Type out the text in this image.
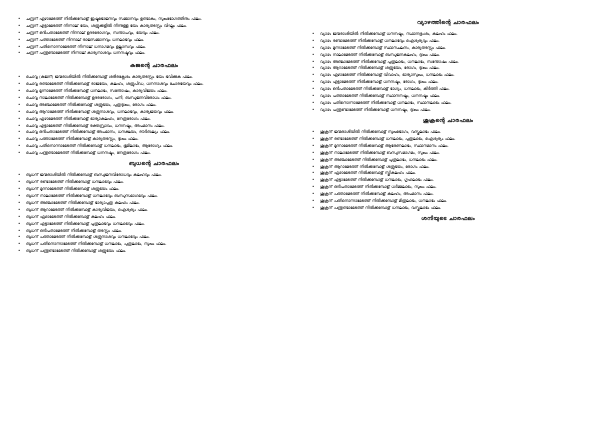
• ചന്ദ്രന് ഏഴാമേടത്ത് നിൽക്കമ്പോള് ഇഷ്ടഭോജനവും സമ്മാനവും ഉണ്ടാകും, സുഖഭോഗത്തിനും ഫലം.
• ചന്ദ്രന് എട്ടാമേടത്ത് നിന്നാല് ഭയം, ശത്രുക്കളിൽ നിന്നുള്ള ഭയം കാര്യതടസ്സം വിഘ്നം ഫലം.
• ചന്ദ്രന് ഒൻപതാമേടത്ത് നിന്നാല് ഉദരരോഗവും, സന്താപവും, ഭയവും ഫലം.
• ചന്ദ്രന് പത്താമേടത്ത് നിന്നാല് രാജസമ്മാനവും ധനലാഭവും ഫലം.
• ചന്ദ്രന് പതിനൊന്നാമേടത്ത് നിന്നാല് ധനാഗമവും ഉല്ലാസവും ഫലം.
• ചന്ദ്രന് പന്ത്രണ്ടാമേടത്ത് നിന്നാല് കാര്യനാശവും ധനനഷ്ടവും ഫലം.
കജന്റെ ചാരഫലം
• ചൊവ്വ (കുജന്) ജന്മരാശിയിൽ നിൽക്കമ്പോള് ശരീരക്ലേശം കാര്യതടസ്സം ഭയം ഭവിക്കുക ഫലം.
• ചൊവ്വ രണ്ടാമേടത്ത് നിൽക്കമ്പോള് രാജഭയം, കലഹം, ശത്രുപീഡ, ധനനാശവും ചോരഭയവും ഫലം.
• ചൊവ്വ മൂന്നാമേടത്ത് നിൽക്കമ്പോള് ധനലാഭം, സന്തോഷം, കാര്യവിജയം ഫലം.
• ചൊവ്വ നാലാമേടത്ത് നിൽക്കമ്പോള് ഉദരരോഗം, പനി, ബന്ധുജനവിരോധം ഫലം.
• ചൊവ്വ അഞ്ചാമേടത്ത് നിൽക്കമ്പോള് ശത്രുഭയം, പുത്രദുഃഖം, രോഗം ഫലം.
• ചൊവ്വ ആറാമേടത്ത് നിൽക്കമ്പോള് ശത്രുനാശവും, ധനലാഭവും, കാര്യജയവും ഫലം.
• ചൊവ്വ ഏഴാമേടത്ത് നിൽക്കമ്പോള് ഭാര്യാകലഹം, നേത്രരോഗം ഫലം.
• ചൊവ്വ എട്ടാമേടത്ത് നിൽക്കമ്പോള് രക്തസ്രാവം, ധനനഷ്ടം, അപമാനം ഫലം.
• ചൊവ്വ ഒൻപതാമേടത്ത് നിൽക്കമ്പോള് അപമാനം, ധനക്ഷയം, ദൗർബല്യം ഫലം.
• ചൊവ്വ പത്താമേടത്ത് നിൽക്കമ്പോള് കാര്യതടസ്സം, ദുഃഖം ഫലം.
• ചൊവ്വ പതിനൊന്നാമേടത്ത് നിൽക്കമ്പോള് ധനലാഭം, ഭൂമിലാഭം, ആരോഗ്യം ഫലം.
• ചൊവ്വ പന്ത്രണ്ടാമേടത്ത് നിൽക്കമ്പോള് ധനനഷ്ടം, നേത്രരോഗം ഫലം.
ബുധന്റെ ചാരഫലം
• ബുധന് ജന്മരാശിയിൽ നിൽക്കമ്പോള് ബന്ധുജനവിരോധവും കലഹവും ഫലം.
• ബുധന് രണ്ടാമേടത്ത് നിൽക്കമ്പോള് ധനലാഭവും ഫലം.
• ബുധന് മൂന്നാമേടത്ത് നിൽക്കമ്പോള് ശത്രുഭയം ഫലം.
• ബുധന് നാലാമേടത്ത് നിൽക്കമ്പോള് ധനലാഭവും ബന്ധുസമാഗമവും ഫലം.
• ബുധന് അഞ്ചാമേടത്ത് നിൽക്കമ്പോള് ഭാര്യാപുത്ര കലഹം ഫലം.
• ബുധന് ആറാമേടത്ത് നിൽക്കമ്പോള് കാര്യവിജയം, ഐശ്വര്യം ഫലം.
• ബുധന് ഏഴാമേടത്ത് നിൽക്കമ്പോള് കലഹം ഫലം.
• ബുധന് എട്ടാമേടത്ത് നിൽക്കമ്പോള് പുത്രലാഭവും ധനലാഭവും ഫലം.
• ബുധന് ഒൻപതാമേടത്ത് നിൽക്കമ്പോള് തടസ്സം ഫലം.
• ബുധന് പത്താമേടത്ത് നിൽക്കമ്പോള് ശത്രുനാശവും ധനലാഭവും ഫലം.
• ബുധന് പതിനൊന്നാമേടത്ത് നിൽക്കമ്പോള് ധനലാഭം, പുത്രലാഭം, സുഖം ഫലം.
• ബുധന് പന്ത്രണ്ടാമേടത്ത് നിൽക്കമ്പോള് ശത്രുഭയം ഫലം.
വ്യാഴത്തിന്റെ ചാരഫലം
• വ്യാഴം ജന്മരാശിയിൽ നിൽക്കമ്പോള് ധനനഷ്ടം, സ്ഥാനഭ്രംശം, കലഹം ഫലം.
• വ്യാഴം രണ്ടാമേടത്ത് നിൽക്കമ്പോള് ധനലാഭവും ഐശ്വര്യവും ഫലം.
• വ്യാഴം മൂന്നാമേടത്ത് നിൽക്കമ്പോള് സ്ഥാനചലനം, കാര്യതടസ്സം ഫലം.
• വ്യാഴം നാലാമേടത്ത് നിൽക്കമ്പോള് ബന്ധുജനകലഹം, ദുഃഖം ഫലം.
• വ്യാഴം അഞ്ചാമേടത്ത് നിൽക്കമ്പോള് പുത്രലാഭം, ധനലാഭം, സന്തോഷം ഫലം.
• വ്യാഴം ആറാമേടത്ത് നിൽക്കമ്പോള് ശത്രുഭയം, രോഗം, ദുഃഖം ഫലം.
• വ്യാഴം ഏഴാമേടത്ത് നിൽക്കമ്പോള് വിവാഹം, ഭാര്യാസുഖം, ധനലാഭം ഫലം.
• വ്യാഴം എട്ടാമേടത്ത് നിൽക്കമ്പോള് ധനനഷ്ടം, രോഗം, ദുഃഖം ഫലം.
• വ്യാഴം ഒൻപതാമേടത്ത് നിൽക്കമ്പോള് ഭാഗ്യം, ധനലാഭം, കീർത്തി ഫലം.
• വ്യാഴം പത്താമേടത്ത് നിൽക്കമ്പോള് സ്ഥാനനഷ്ടം, ധനനഷ്ടം ഫലം.
• വ്യാഴം പതിനൊന്നാമേടത്ത് നിൽക്കമ്പോള് ധനലാഭം, സ്ഥാനലാഭം ഫലം.
• വ്യാഴം പന്ത്രണ്ടാമേടത്ത് നിൽക്കമ്പോള് ധനനഷ്ടം, ദുഃഖം ഫലം.
ശുക്രന്റെ ചാരഫലം
• ശുക്രന് ജന്മരാശിയിൽ നിൽക്കമ്പോള് സുഖഭോഗം, വസ്ത്രലാഭം ഫലം.
• ശുക്രന് രണ്ടാമേടത്ത് നിൽക്കമ്പോള് ധനലാഭം, പുത്രലാഭം, ഐശ്വര്യം ഫലം.
• ശുക്രന് മൂന്നാമേടത്ത് നിൽക്കമ്പോള് ആഭരണലാഭം, സ്ഥാനമാനം ഫലം.
• ശുക്രന് നാലാമേടത്ത് നിൽക്കമ്പോള് ബന്ധുസമാഗമം, സുഖം ഫലം.
• ശുക്രന് അഞ്ചാമേടത്ത് നിൽക്കമ്പോള് പുത്രലാഭം, ധനലാഭം ഫലം.
• ശുക്രന് ആറാമേടത്ത് നിൽക്കമ്പോള് ശത്രുഭയം, രോഗം ഫലം.
• ശുക്രന് ഏഴാമേടത്ത് നിൽക്കമ്പോള് സ്ത്രീകലഹം ഫലം.
• ശുക്രന് എട്ടാമേടത്ത് നിൽക്കമ്പോള് ധനലാഭം, ഗൃഹലാഭം ഫലം.
• ശുക്രന് ഒൻപതാമേടത്ത് നിൽക്കമ്പോള് ധർമ്മലാഭം, സുഖം ഫലം.
• ശുക്രന് പത്താമേടത്ത് നിൽക്കമ്പോള് കലഹം, അപമാനം ഫലം.
• ശുക്രന് പതിനൊന്നാമേടത്ത് നിൽക്കമ്പോള് മിത്രലാഭം, ധനലാഭം ഫലം.
• ശുക്രന് പന്ത്രണ്ടാമേടത്ത് നിൽക്കമ്പോള് ധനലാഭം, വസ്ത്രലാഭം ഫലം.
ശനിയുടെ ചാരഫലം
